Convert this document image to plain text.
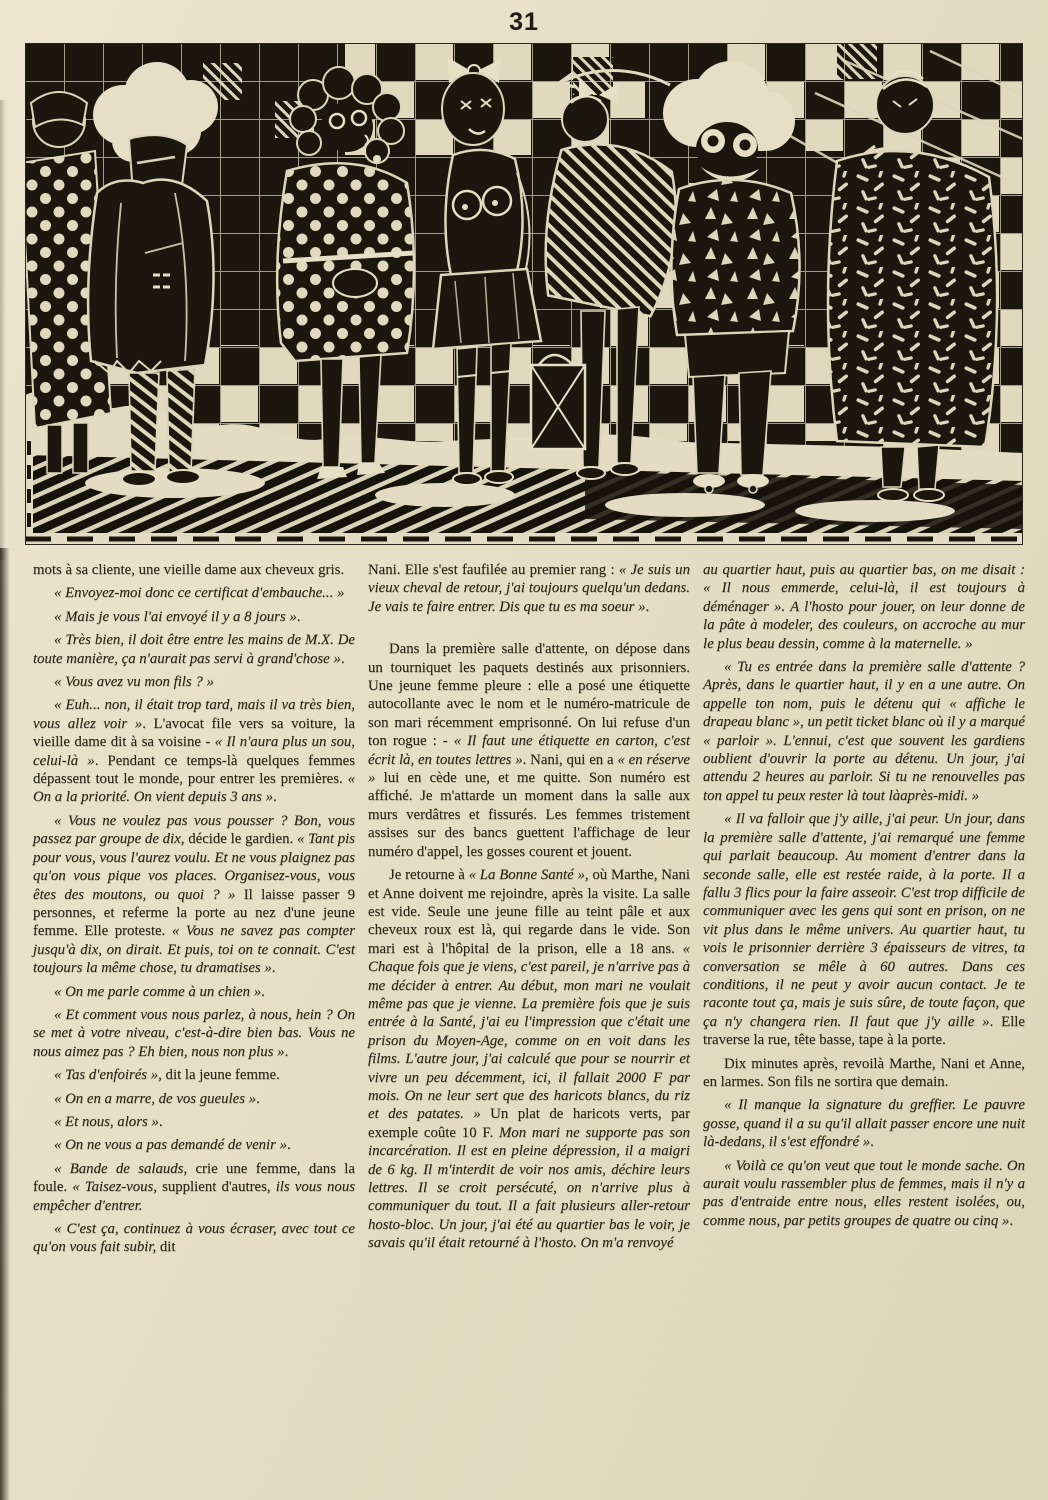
31

mots à sa cliente, une vieille dame aux cheveux gris.

« Envoyez-moi donc ce certificat d'embauche... »

« Mais je vous l'ai envoyé il y a 8 jours ».

« Très bien, il doit être entre les mains de M.X. De toute manière, ça n'aurait pas servi à grand'chose ».

« Vous avez vu mon fils ? »

« Euh... non, il était trop tard, mais il va très bien, vous allez voir ». L'avocat file vers sa voiture, la vieille dame dit à sa voisine - « Il n'aura plus un sou, celui-là ». Pendant ce temps-là quelques femmes dépassent tout le monde, pour entrer les premières. « On a la priorité. On vient depuis 3 ans ».

« Vous ne voulez pas vous pousser ? Bon, vous passez par groupe de dix, décide le gardien. « Tant pis pour vous, vous l'aurez voulu. Et ne vous plaignez pas qu'on vous pique vos places. Organisez-vous, vous êtes des moutons, ou quoi ? » Il laisse passer 9 personnes, et referme la porte au nez d'une jeune femme. Elle proteste. « Vous ne savez pas compter jusqu'à dix, on dirait. Et puis, toi on te connait. C'est toujours la même chose, tu dramatises ».

« On me parle comme à un chien ».

« Et comment vous nous parlez, à nous, hein ? On se met à votre niveau, c'est-à-dire bien bas. Vous ne nous aimez pas ? Eh bien, nous non plus ».

« Tas d'enfoirés », dit la jeune femme.

« On en a marre, de vos gueules ».

« Et nous, alors ».

« On ne vous a pas demandé de venir ».

« Bande de salauds, crie une femme, dans la foule. « Taisez-vous, supplient d'autres, ils vous nous empêcher d'entrer.

« C'est ça, continuez à vous écraser, avec tout ce qu'on vous fait subir, dit

Nani. Elle s'est faufilée au premier rang : « Je suis un vieux cheval de retour, j'ai toujours quelqu'un dedans. Je vais te faire entrer. Dis que tu es ma soeur ».

Dans la première salle d'attente, on dépose dans un tourniquet les paquets destinés aux prisonniers. Une jeune femme pleure : elle a posé une étiquette autocollante avec le nom et le numéro-matricule de son mari récemment emprisonné. On lui refuse d'un ton rogue : - « Il faut une étiquette en carton, c'est écrit là, en toutes lettres ». Nani, qui en a « en réserve » lui en cède une, et me quitte. Son numéro est affiché. Je m'attarde un moment dans la salle aux murs verdâtres et fissurés. Les femmes tristement assises sur des bancs guettent l'affichage de leur numéro d'appel, les gosses courent et jouent.

Je retourne à « La Bonne Santé », où Marthe, Nani et Anne doivent me rejoindre, après la visite. La salle est vide. Seule une jeune fille au teint pâle et aux cheveux roux est là, qui regarde dans le vide. Son mari est à l'hôpital de la prison, elle a 18 ans. « Chaque fois que je viens, c'est pareil, je n'arrive pas à me décider à entrer. Au début, mon mari ne voulait même pas que je vienne. La première fois que je suis entrée à la Santé, j'ai eu l'impression que c'était une prison du Moyen-Age, comme on en voit dans les films. L'autre jour, j'ai calculé que pour se nourrir et vivre un peu décemment, ici, il fallait 2000 F par mois. On ne leur sert que des haricots blancs, du riz et des patates. » Un plat de haricots verts, par exemple coûte 10 F. Mon mari ne supporte pas son incarcération. Il est en pleine dépression, il a maigri de 6 kg. Il m'interdit de voir nos amis, déchire leurs lettres. Il se croit persécuté, on n'arrive plus à communiquer du tout. Il a fait plusieurs aller-retour hosto-bloc. Un jour, j'ai été au quartier bas le voir, je savais qu'il était retourné à l'hosto. On m'a renvoyé

au quartier haut, puis au quartier bas, on me disait : « Il nous emmerde, celui-là, il est toujours à déménager ». A l'hosto pour jouer, on leur donne de la pâte à modeler, des couleurs, on accroche au mur le plus beau dessin, comme à la maternelle. »

« Tu es entrée dans la première salle d'attente ? Après, dans le quartier haut, il y en a une autre. On appelle ton nom, puis le détenu qui « affiche le drapeau blanc », un petit ticket blanc où il y a marqué « parloir ». L'ennui, c'est que souvent les gardiens oublient d'ouvrir la porte au détenu. Un jour, j'ai attendu 2 heures au parloir. Si tu ne renouvelles pas ton appel tu peux rester là tout làaprès-midi. »

« Il va falloir que j'y aille, j'ai peur. Un jour, dans la première salle d'attente, j'ai remarqué une femme qui parlait beaucoup. Au moment d'entrer dans la seconde salle, elle est restée raide, à la porte. Il a fallu 3 flics pour la faire asseoir. C'est trop difficile de communiquer avec les gens qui sont en prison, on ne vit plus dans le même univers. Au quartier haut, tu vois le prisonnier derrière 3 épaisseurs de vitres, ta conversation se mêle à 60 autres. Dans ces conditions, il ne peut y avoir aucun contact. Je te raconte tout ça, mais je suis sûre, de toute façon, que ça n'y changera rien. Il faut que j'y aille ». Elle traverse la rue, tête basse, tape à la porte.

Dix minutes après, revoilà Marthe, Nani et Anne, en larmes. Son fils ne sortira que demain.

« Il manque la signature du greffier. Le pauvre gosse, quand il a su qu'il allait passer encore une nuit là-dedans, il s'est effondré ».

« Voilà ce qu'on veut que tout le monde sache. On aurait voulu rassembler plus de femmes, mais il n'y a pas d'entraide entre nous, elles restent isolées, ou, comme nous, par petits groupes de quatre ou cinq ».
